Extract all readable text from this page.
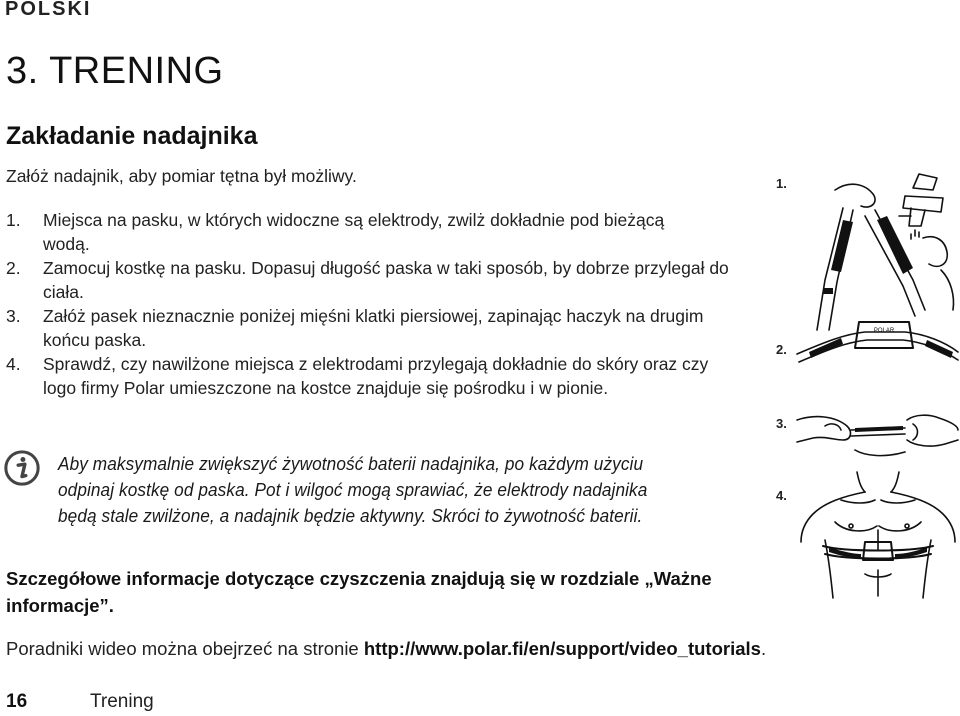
POLSKI
3. TRENING
Zakładanie nadajnika
Załóż nadajnik, aby pomiar tętna był możliwy.
1.	Miejsca na pasku, w których widoczne są elektrody, zwilż dokładnie pod bieżącą wodą.
2.	Zamocuj kostkę na pasku. Dopasuj długość paska w taki sposób, by dobrze przylegał do ciała.
3.	Załóż pasek nieznacznie poniżej mięśni klatki piersiowej, zapinając haczyk na drugim końcu paska.
4.	Sprawdź, czy nawilżone miejsca z elektrodami przylegają dokładnie do skóry oraz czy logo firmy Polar umieszczone na kostce znajduje się pośrodku i w pionie.
Aby maksymalnie zwiększyć żywotność baterii nadajnika, po każdym użyciu odpinaj kostkę od paska. Pot i wilgoć mogą sprawiać, że elektrody nadajnika będą stale zwilżone, a nadajnik będzie aktywny. Skróci to żywotność baterii.
Szczegółowe informacje dotyczące czyszczenia znajdują się w rozdziale „Ważne informacje”.
Poradniki wideo można obejrzeć na stronie http://www.polar.fi/en/support/video_tutorials.
16	Trening
1.
2.
3.
4.
POLAR
